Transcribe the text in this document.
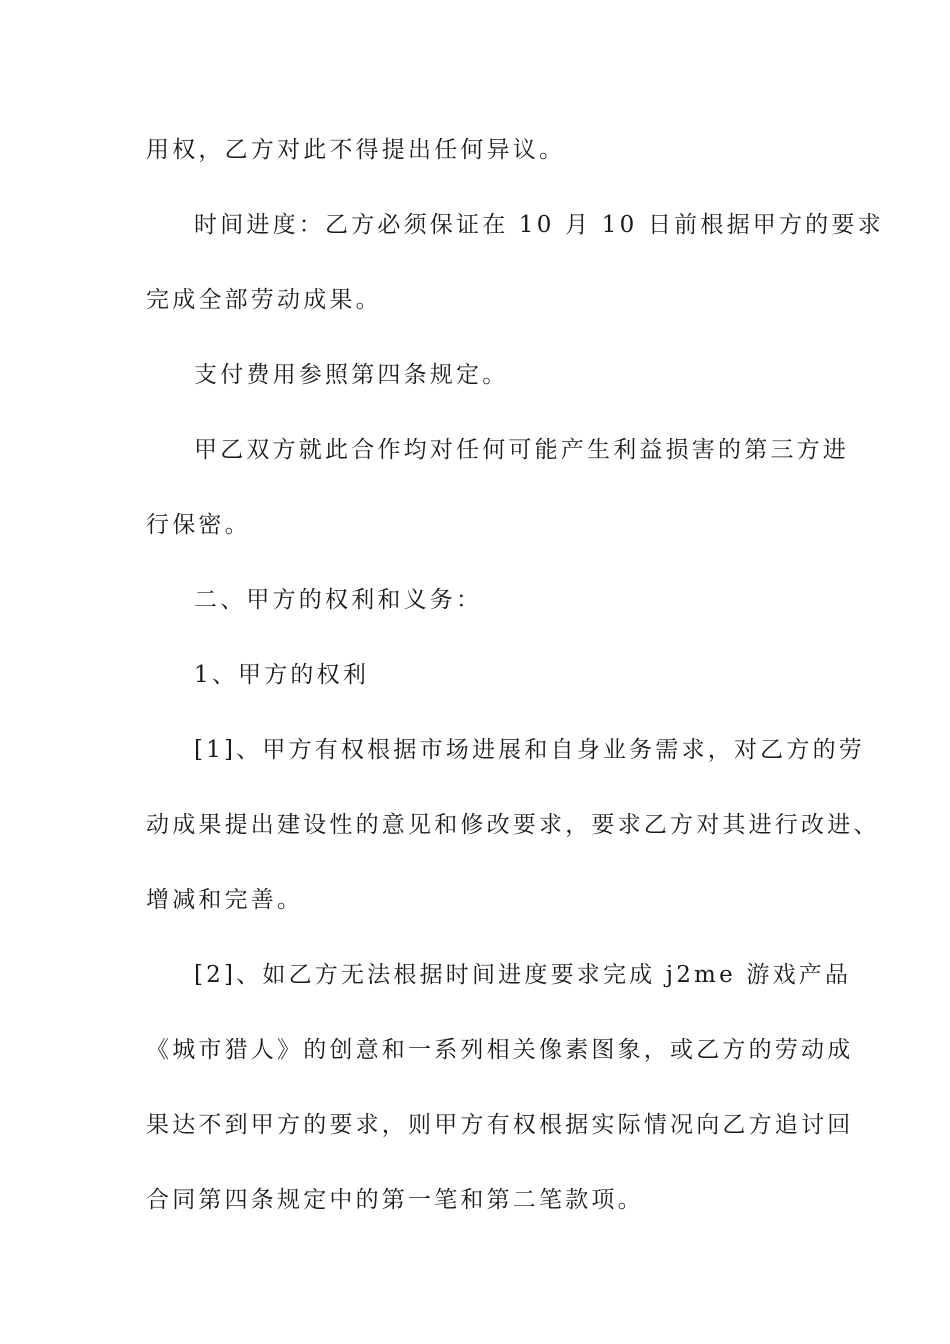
用权，乙方对此不得提出任何异议。
时间进度：乙方必须保证在 10 月 10 日前根据甲方的要求
完成全部劳动成果。
支付费用参照第四条规定。
甲乙双方就此合作均对任何可能产生利益损害的第三方进
行保密。
二、甲方的权利和义务：
1、甲方的权利
[1]、甲方有权根据市场进展和自身业务需求，对乙方的劳
动成果提出建设性的意见和修改要求，要求乙方对其进行改进、
增减和完善。
[2]、如乙方无法根据时间进度要求完成 j2me 游戏产品
《城市猎人》的创意和一系列相关像素图象，或乙方的劳动成
果达不到甲方的要求，则甲方有权根据实际情况向乙方追讨回
合同第四条规定中的第一笔和第二笔款项。
